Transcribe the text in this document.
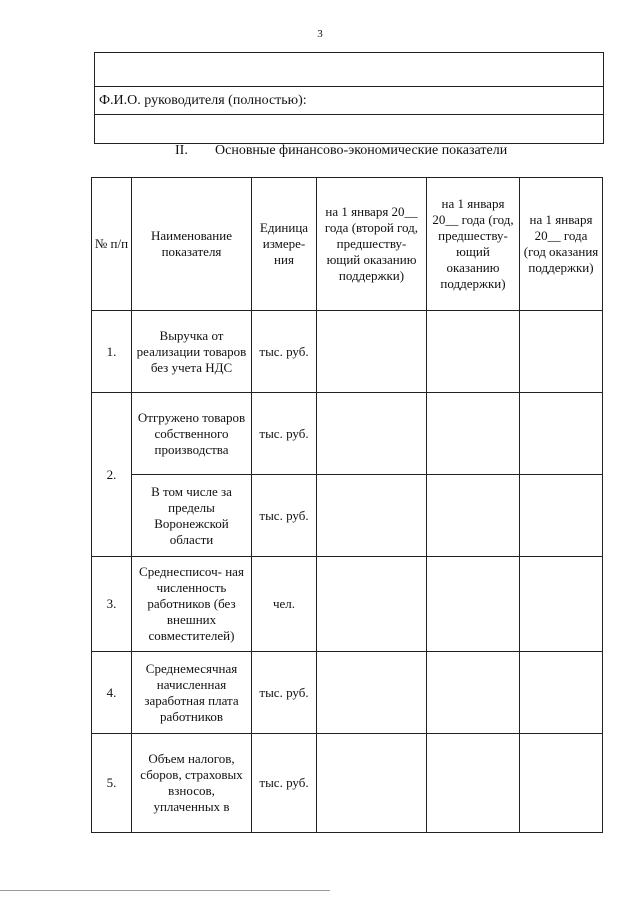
3
Ф.И.О. руководителя (полностью):
II. Основные финансово-экономические показатели
№ п/п	Наименование показателя	Единица измере- ния	на 1 января 20__ года (второй год, предшеству- ющий оказанию поддержки)	на 1 января 20__ года (год, предшеству- ющий оказанию поддержки)	на 1 января 20__ года (год оказания поддержки)
1.	Выручка от реализации товаров без учета НДС	тыс. руб.			
2.	Отгружено товаров собственного производства	тыс. руб.			
	В том числе за пределы Воронежской области	тыс. руб.			
3.	Среднесписоч- ная численность работников (без внешних совместителей)	чел.			
4.	Среднемесячная начисленная заработная плата работников	тыс. руб.			
5.	Объем налогов, сборов, страховых взносов, уплаченных в	тыс. руб.			
